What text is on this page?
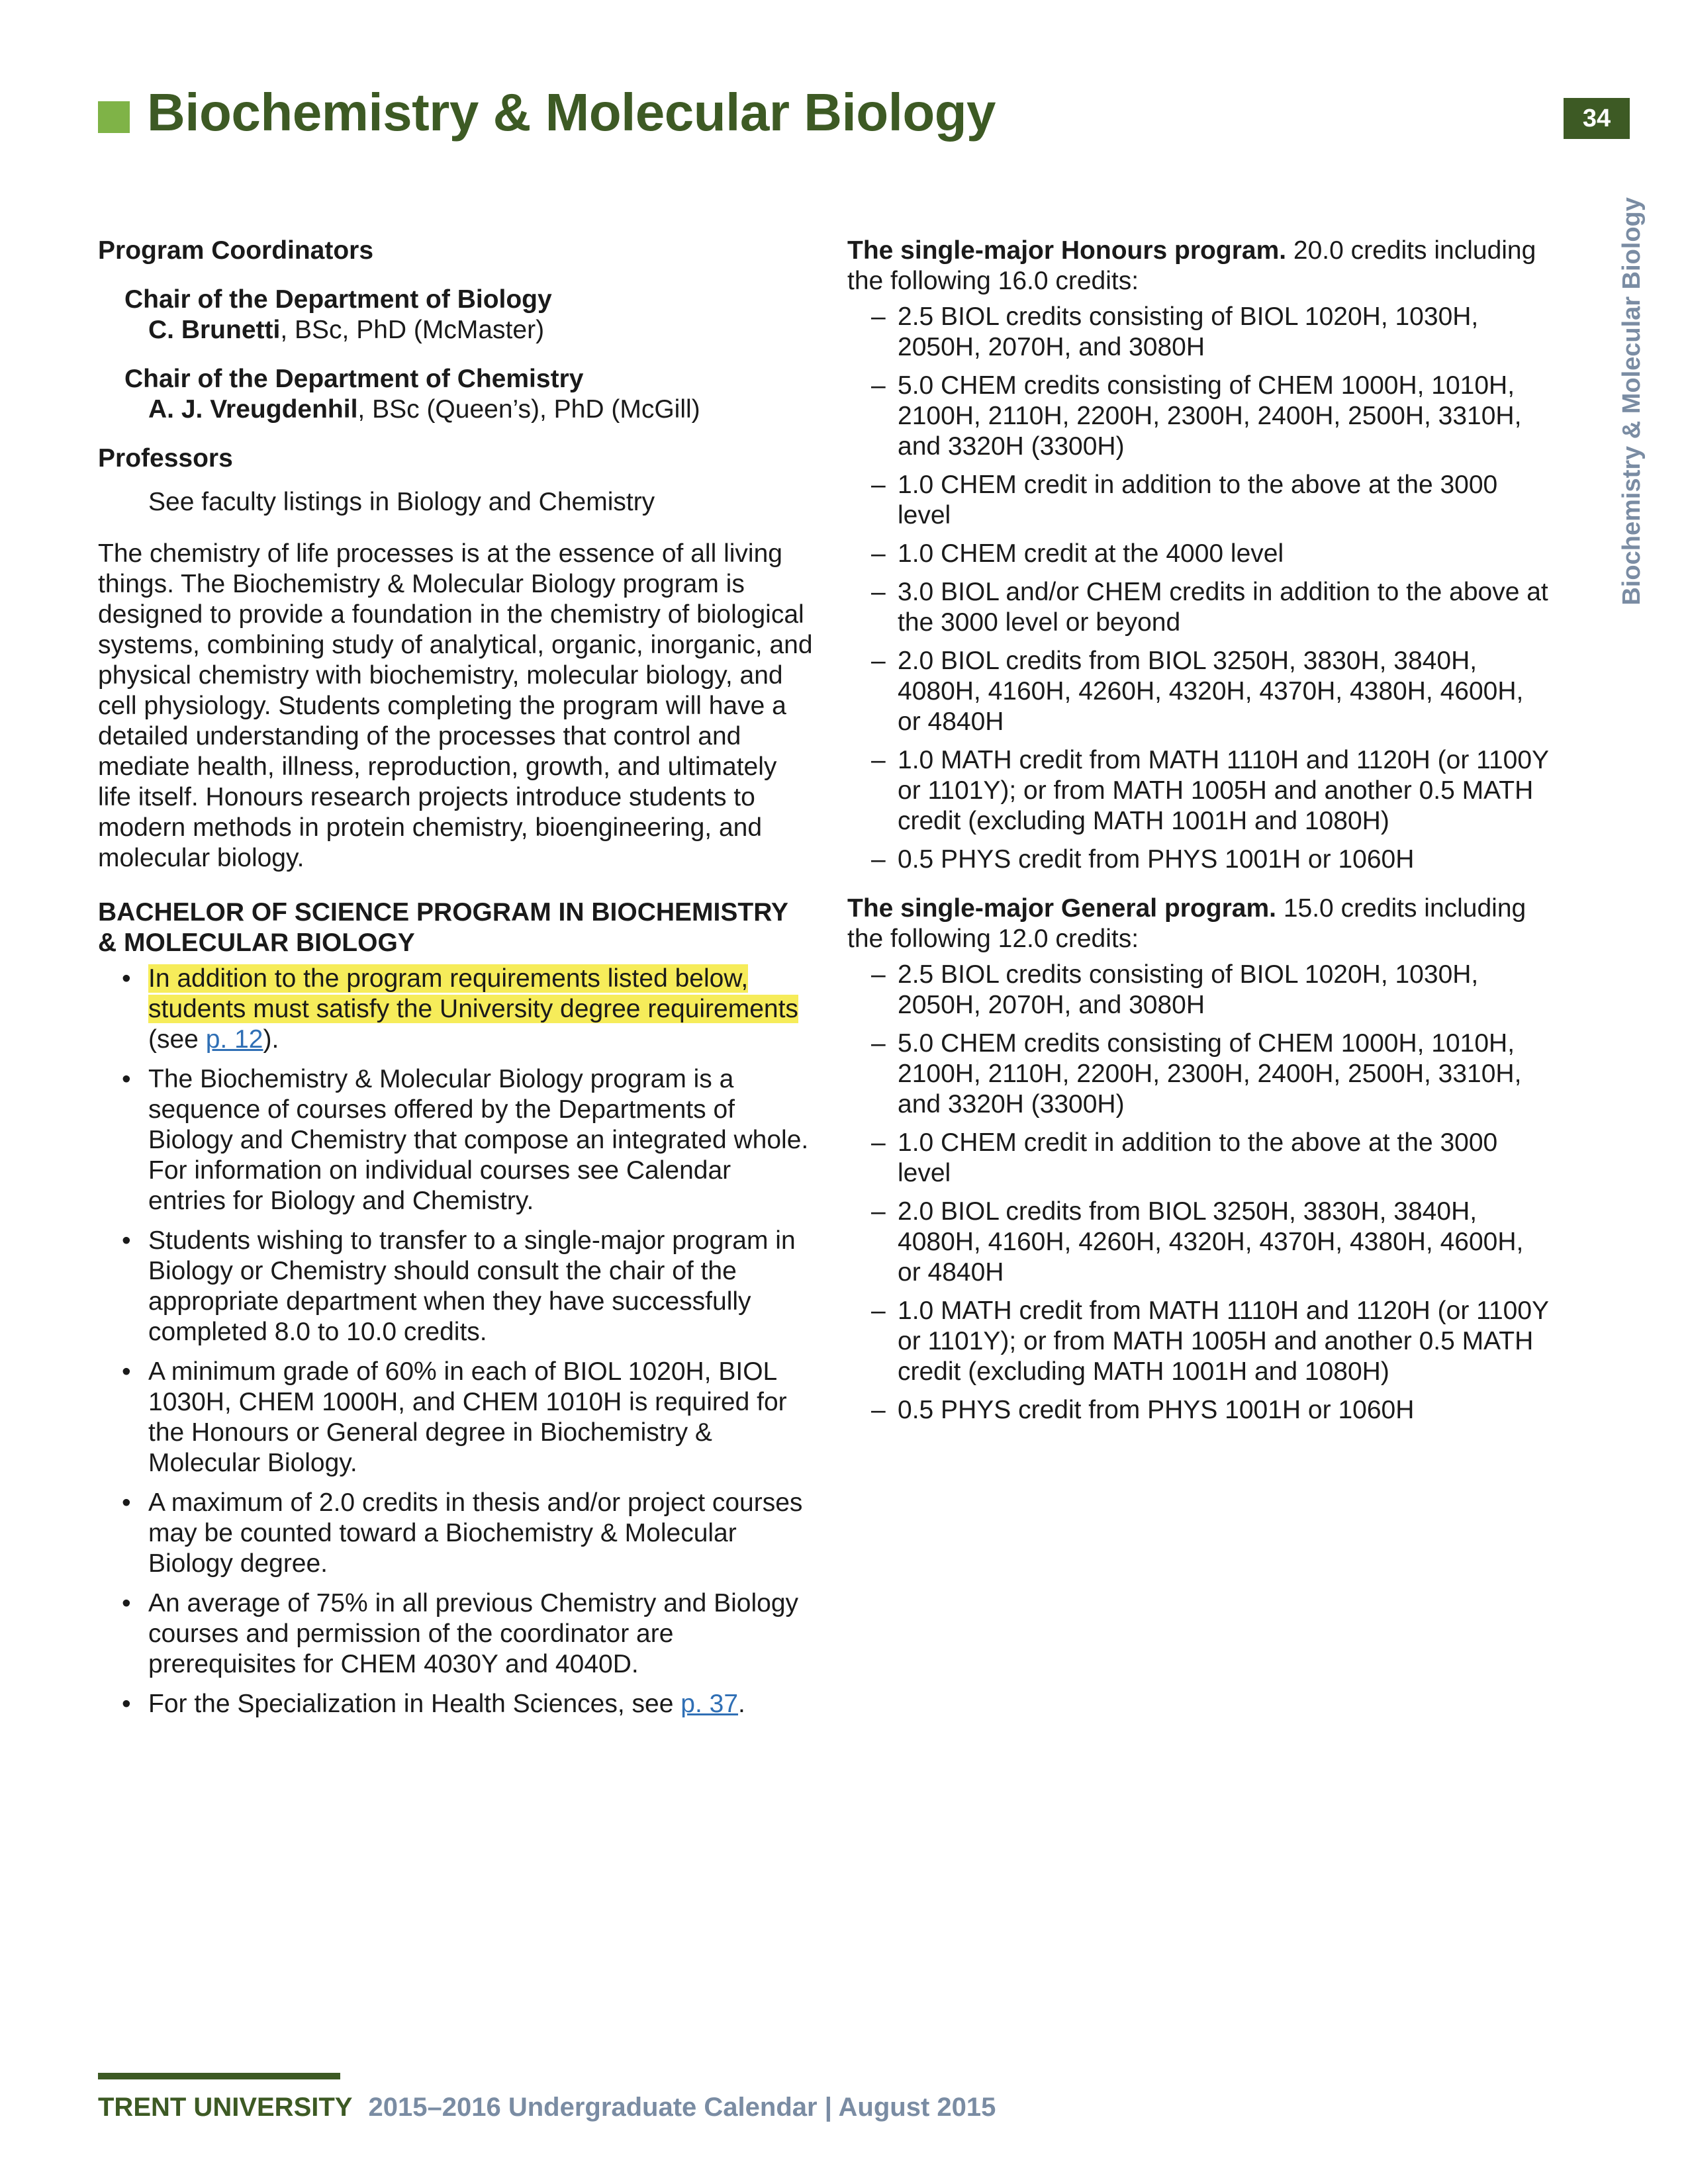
Biochemistry & Molecular Biology	34
Biochemistry & Molecular Biology

Program Coordinators

Chair of the Department of Biology

C. Brunetti, BSc, PhD (McMaster)

Chair of the Department of Chemistry

A. J. Vreugdenhil, BSc (Queen’s), PhD (McGill)

Professors

See faculty listings in Biology and Chemistry

The chemistry of life processes is at the essence of all living things. The Biochemistry & Molecular Biology program is designed to provide a foundation in the chemistry of biological systems, combining study of analytical, organic, inorganic, and physical chemistry with biochemistry, molecular biology, and cell physiology. Students completing the program will have a detailed understanding of the processes that control and mediate health, illness, reproduction, growth, and ultimately life itself. Honours research projects introduce students to modern methods in protein chemistry, bioengineering, and molecular biology.

BACHELOR OF SCIENCE PROGRAM IN BIOCHEMISTRY & MOLECULAR BIOLOGY

• In addition to the program requirements listed below, students must satisfy the University degree requirements (see p. 12).
• The Biochemistry & Molecular Biology program is a sequence of courses offered by the Departments of Biology and Chemistry that compose an integrated whole. For information on individual courses see Calendar entries for Biology and Chemistry.
• Students wishing to transfer to a single-major program in Biology or Chemistry should consult the chair of the appropriate department when they have successfully completed 8.0 to 10.0 credits.
• A minimum grade of 60% in each of BIOL 1020H, BIOL 1030H, CHEM 1000H, and CHEM 1010H is required for the Honours or General degree in Biochemistry & Molecular Biology.
• A maximum of 2.0 credits in thesis and/or project courses may be counted toward a Biochemistry & Molecular Biology degree.
• An average of 75% in all previous Chemistry and Biology courses and permission of the coordinator are prerequisites for CHEM 4030Y and 4040D.
• For the Specialization in Health Sciences, see p. 37.

The single-major Honours program. 20.0 credits including the following 16.0 credits:

– 2.5 BIOL credits consisting of BIOL 1020H, 1030H, 2050H, 2070H, and 3080H
– 5.0 CHEM credits consisting of CHEM 1000H, 1010H, 2100H, 2110H, 2200H, 2300H, 2400H, 2500H, 3310H, and 3320H (3300H)
– 1.0 CHEM credit in addition to the above at the 3000 level
– 1.0 CHEM credit at the 4000 level
– 3.0 BIOL and/or CHEM credits in addition to the above at the 3000 level or beyond
– 2.0 BIOL credits from BIOL 3250H, 3830H, 3840H, 4080H, 4160H, 4260H, 4320H, 4370H, 4380H, 4600H, or 4840H
– 1.0 MATH credit from MATH 1110H and 1120H (or 1100Y or 1101Y); or from MATH 1005H and another 0.5 MATH credit (excluding MATH 1001H and 1080H)
– 0.5 PHYS credit from PHYS 1001H or 1060H

The single-major General program. 15.0 credits including the following 12.0 credits:

– 2.5 BIOL credits consisting of BIOL 1020H, 1030H, 2050H, 2070H, and 3080H
– 5.0 CHEM credits consisting of CHEM 1000H, 1010H, 2100H, 2110H, 2200H, 2300H, 2400H, 2500H, 3310H, and 3320H (3300H)
– 1.0 CHEM credit in addition to the above at the 3000 level
– 2.0 BIOL credits from BIOL 3250H, 3830H, 3840H, 4080H, 4160H, 4260H, 4320H, 4370H, 4380H, 4600H, or 4840H
– 1.0 MATH credit from MATH 1110H and 1120H (or 1100Y or 1101Y); or from MATH 1005H and another 0.5 MATH credit (excluding MATH 1001H and 1080H)
– 0.5 PHYS credit from PHYS 1001H or 1060H
TRENT UNIVERSITY 2015–2016 Undergraduate Calendar | August 2015
